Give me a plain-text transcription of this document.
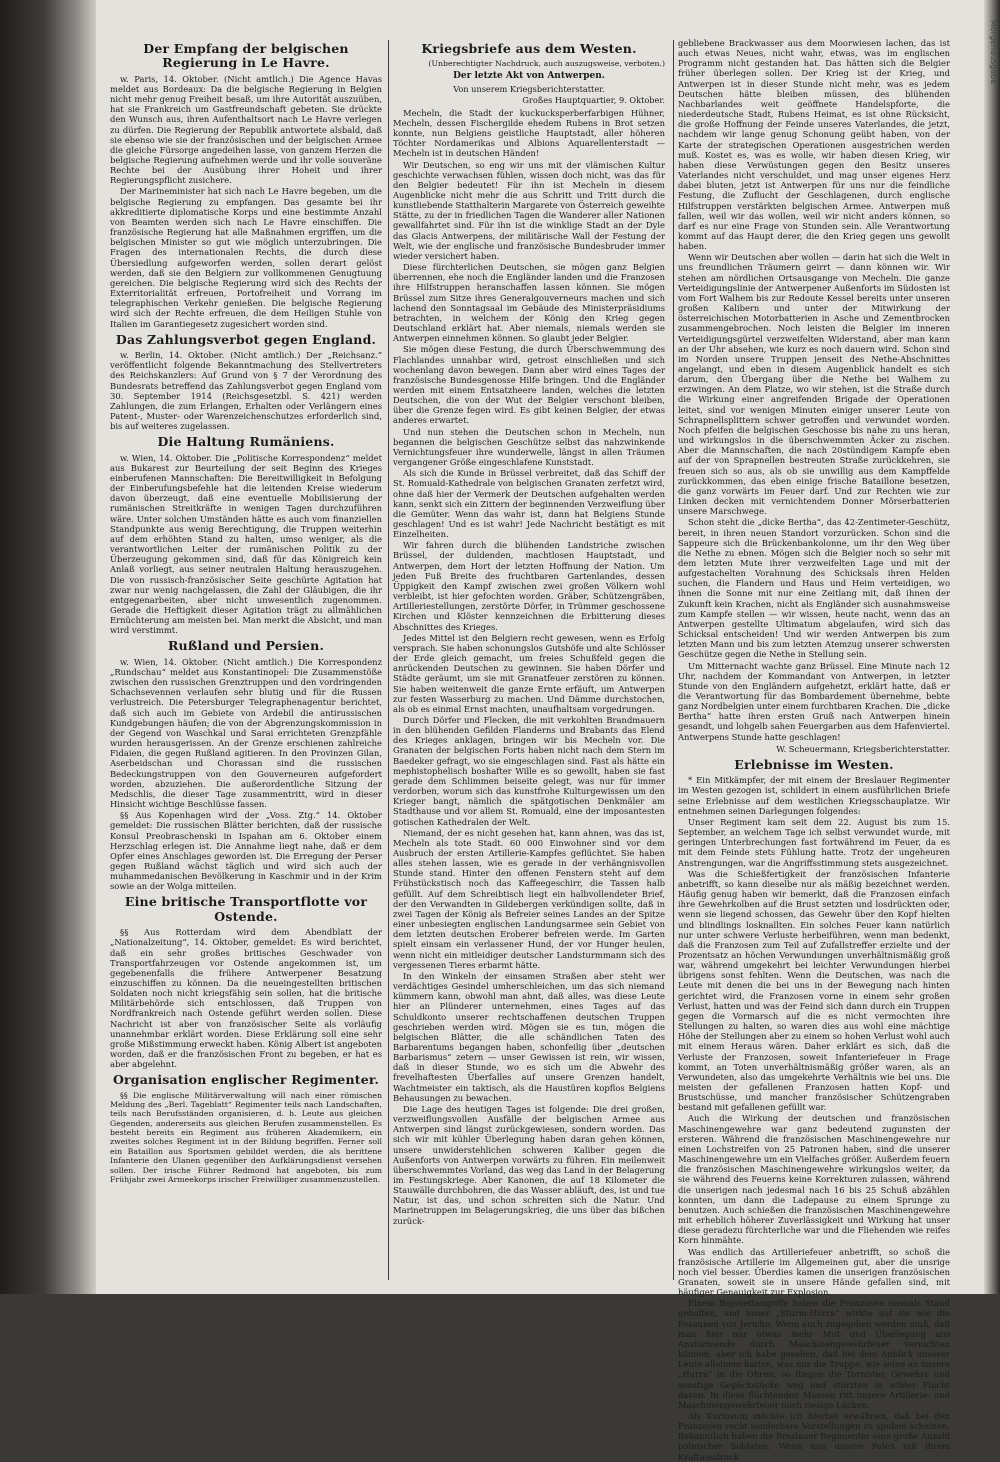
Morgenausgabe
Der Empfang der belgischen Regierung in Le Havre.

w. Paris, 14. Oktober. (Nicht amtlich.) Die Agence Havas meldet aus Bordeaux: Da die belgische Regierung in Belgien nicht mehr genug Freiheit besaß, um ihre Autorität auszuüben, hat sie Frankreich um Gastfreundschaft gebeten. Sie drückte den Wunsch aus, ihren Aufenthaltsort nach Le Havre verlegen zu dürfen. Die Regierung der Republik antwortete alsbald, daß sie ebenso wie sie der französischen und der belgischen Armee die gleiche Fürsorge angedeihen lasse, von ganzem Herzen die belgische Regierung aufnehmen werde und ihr volle souveräne Rechte bei der Ausübung ihrer Hoheit und ihrer Regierungspflicht zusichere.

Der Marineminister hat sich nach Le Havre begeben, um die belgische Regierung zu empfangen. Das gesamte bei ihr akkreditierte diplomatische Korps und eine bestimmte Anzahl von Beamten werden sich nach Le Havre einschiffen. Die französische Regierung hat alle Maßnahmen ergriffen, um die belgischen Minister so gut wie möglich unterzubringen. Die Fragen des internationalen Rechts, die durch diese Übersiedlung aufgeworfen werden, sollen derart gelöst werden, daß sie den Belgiern zur vollkommenen Genugtuung gereichen. Die belgische Regierung wird sich des Rechts der Exterritorialität erfreuen, Portofreiheit und Vorrang im telegraphischen Verkehr genießen. Die belgische Regierung wird sich der Rechte erfreuen, die dem Heiligen Stuhle von Italien im Garantiegesetz zugesichert worden sind.

Das Zahlungsverbot gegen England.

w. Berlin, 14. Oktober. (Nicht amtlich.) Der „Reichsanz.“ veröffentlicht folgende Bekanntmachung des Stellvertreters des Reichskanzlers: Auf Grund von § 7 der Verordnung des Bundesrats betreffend das Zahlungsverbot gegen England vom 30. September 1914 (Reichsgesetzbl. S. 421) werden Zahlungen, die zum Erlangen, Erhalten oder Verlängern eines Patent-, Muster- oder Warenzeichenschutzes erforderlich sind, bis auf weiteres zugelassen.

Die Haltung Rumäniens.

w. Wien, 14. Oktober. Die „Politische Korrespondenz“ meldet aus Bukarest zur Beurteilung der seit Beginn des Krieges einberufenen Mannschaften: Die Bereitwilligkeit in Befolgung der Einberufungsbefehle hat die leitenden Kreise wiederum davon überzeugt, daß eine eventuelle Mobilisierung der rumänischen Streitkräfte in wenigen Tagen durchzuführen wäre. Unter solchen Umständen hätte es auch vom finanziellen Standpunkte aus wenig Berechtigung, die Truppen weiterhin auf dem erhöhten Stand zu halten, umso weniger, als die verantwortlichen Leiter der rumänischen Politik zu der Überzeugung gekommen sind, daß für das Königreich kein Anlaß vorliegt, aus seiner neutralen Haltung herauszugehen. Die von russisch-französischer Seite geschürte Agitation hat zwar nur wenig nachgelassen, die Zahl der Gläubigen, die ihr entgegenarbeiten, aber nicht unwesentlich zugenommen. Gerade die Heftigkeit dieser Agitation trägt zu allmählichen Ernüchterung am meisten bei. Man merkt die Absicht, und man wird verstimmt.

Rußland und Persien.

w. Wien, 14. Oktober. (Nicht amtlich.) Die Korrespondenz „Rundschau“ meldet aus Konstantinopel: Die Zusammenstöße zwischen den russischen Grenztruppen und den vordringenden Schachsevennen verlaufen sehr blutig und für die Russen verlustreich. Die Petersburger Telegraphenagentur berichtet, daß sich auch im Gebiete von Ardebil die antirussischen Kundgebungen häufen; die von der Abgrenzungskommission in der Gegend von Waschkal und Sarai errichteten Grenzpfähle wurden herausgerissen. An der Grenze erschienen zahlreiche Fidaien, die gegen Rußland agitieren. In den Provinzen Gilan, Aserbeidschan und Chorassan sind die russischen Bedeckungstruppen von den Gouverneuren aufgefordert worden, abzuziehen. Die außerordentliche Sitzung der Medschlis, die dieser Tage zusammentritt, wird in dieser Hinsicht wichtige Beschlüsse fassen.

§§ Aus Kopenhagen wird der „Voss. Ztg.“ 14. Oktober gemeldet: Die russischen Blätter berichten, daß der russische Konsul Preobraschenski in Ispahan am 6. Oktober einem Herzschlag erlegen ist. Die Annahme liegt nahe, daß er dem Opfer eines Anschlages geworden ist. Die Erregung der Perser gegen Rußland wächst täglich und wird sich auch der muhammedanischen Bevölkerung in Kaschmir und in der Krim sowie an der Wolga mitteilen.

Eine britische Transportflotte vor Ostende.

§§ Aus Rotterdam wird dem Abendblatt der „Nationalzeitung“, 14. Oktober, gemeldet: Es wird berichtet, daß ein sehr großes britisches Geschwader von Transportfahrzeugen vor Ostende angekommen ist, um gegebenenfalls die frühere Antwerpener Besatzung einzuschiffen zu können. Da die neueingestellten britischen Soldaten noch nicht kriegsfähig sein sollen, hat die britische Militärbehörde sich entschlossen, daß Truppen von Nordfrankreich nach Ostende geführt werden sollen. Diese Nachricht ist aber von französischer Seite als vorläufig unannehmbar erklärt worden. Diese Erklärung soll eine sehr große Mißstimmung erweckt haben. König Albert ist angeboten worden, daß er die französischen Front zu begeben, er hat es aber abgelehnt.

Organisation englischer Regimenter.

§§ Die englische Militärverwaltung will nach einer römischen Meldung des „Berl. Tageblatt“ Regimenter teils nach Landschaften, teils nach Berufsständen organisieren, d. h. Leute aus gleichen Gegenden, andererseits aus gleichen Berufen zusammenstellen. Es besteht bereits ein Regiment aus früheren Akademikern, ein zweites solches Regiment ist in der Bildung begriffen. Ferner soll ein Bataillon aus Sportsmen gebildet werden, die als berittene Infanterie den Ulanen gegenüber den Aufklärungsdienst versehen sollen. Der irische Führer Redmond hat angeboten, bis zum Frühjahr zwei Armeekorps irischer Freiwilliger zusammenzustellen.

Kriegsbriefe aus dem Westen.
(Unberechtigter Nachdruck, auch auszugsweise, verboten.)
Der letzte Akt von Antwerpen.
Von unserem Kriegsberichterstatter.
Großes Hauptquartier, 9. Oktober.

Mecheln, die Stadt der kuckucksperberfarbigen Hühner, Mecheln, dessen Fischergilde ehedem Rubens in Brot setzen konnte, nun Belgiens geistliche Hauptstadt, aller höheren Töchter Nordamerikas und Albions Aquarellenterstadt — Mecheln ist in deutschen Händen!

Wir Deutschen, so eng wir uns mit der vlämischen Kultur geschichte verwachsen fühlen, wissen doch nicht, was das für den Belgier bedeutet! Für ihn ist Mecheln in diesem Augenblicke nicht mehr die aus Schritt und Tritt durch die kunstliebende Statthalterin Margarete von Österreich geweihte Stätte, zu der in friedlichen Tagen die Wanderer aller Nationen gewallfahrtet sind. Für ihn ist die winklige Stadt an der Dyle das Glacis Antwerpens, der militärische Wall der Festung der Welt, wie der englische und französische Bundesbruder immer wieder versichert haben.

Diese fürchterlichen Deutschen, sie mögen ganz Belgien überrennen, ehe noch die Engländer landen und die Franzosen ihre Hilfstruppen heranschaffen lassen können. Sie mögen Brüssel zum Sitze ihres Generalgouverneurs machen und sich lachend den Sonntagsaal im Gebäude des Ministerpräsidiums betrachten, in welchem der König den Krieg gegen Deutschland erklärt hat. Aber niemals, niemals werden sie Antwerpen einnehmen können. So glaubt jeder Belgier.

Sie mögen diese Festung, die durch Überschwemmung des Flachlandes unnahbar wird, getrost einschließen und sich wochenlang davon bewegen. Dann aber wird eines Tages der französische Bundesgenosse Hilfe bringen. Und die Engländer werden mit einem Entsatzheere landen, welches die letzten Deutschen, die von der Wut der Belgier verschont bleiben, über die Grenze fegen wird. Es gibt keinen Belgier, der etwas anderes erwartet.

Und nun stehen die Deutschen schon in Mecheln, nun begannen die belgischen Geschütze selbst das nahzwinkende Vernichtungsfeuer ihre wunderwelle, längst in allen Träumen vergangener Größe eingeschlafene Kunststadt.

Als sich die Kunde in Brüssel verbreitet, daß das Schiff der St. Romuald-Kathedrale von belgischen Granaten zerfetzt wird, ohne daß hier der Vermerk der Deutschen aufgehalten werden kann, senkt sich ein Zittern der beginnenden Verzweiflung über die Gemüter. Wenn das wahr ist, dann hat Belgiens Stunde geschlagen! Und es ist wahr! Jede Nachricht bestätigt es mit Einzelheiten.

Wir fahren durch die blühenden Landstriche zwischen Brüssel, der duldenden, machtlosen Hauptstadt, und Antwerpen, dem Hort der letzten Hoffnung der Nation. Um jeden Fuß Breite des fruchtbaren Gartenlandes, dessen Üppigkeit den Kampf zwischen zwei großen Völkern wohl verbleibt, ist hier gefochten worden. Gräber, Schützengräben, Artilleriestellungen, zerstörte Dörfer, in Trümmer geschossene Kirchen und Klöster kennzeichnen die Erbitterung dieses Abschnittes des Krieges.

Jedes Mittel ist den Belgiern recht gewesen, wenn es Erfolg versprach. Sie haben schonungslos Gutshöfe und alte Schlösser der Erde gleich gemacht, um freies Schußfeld gegen die anrückenden Deutschen zu gewinnen. Sie haben Dörfer und Städte geräumt, um sie mit Granatfeuer zerstören zu können. Sie haben weitenweit die ganze Ernte erfäuft, um Antwerpen zur festen Wasserburg zu machen. Und Dämme durchstochen, als ob es einmal Ernst machten, unaufhaltsam vorgedrungen.

Durch Dörfer und Flecken, die mit verkohlten Brandmauern in den blühenden Gefilden Flanderns und Brabants das Elend des Krieges anklagen, bringen wir bis Mecheln vor. Die Granaten der belgischen Forts haben nicht nach dem Stern im Baedeker gefragt, wo sie eingeschlagen sind. Fast als hätte ein mephistophelisch boshafter Wille es so gewollt, haben sie fast gerade dem Schlimmen beiseite gelegt, was nur für immer verdorben, worum sich das kunstfrohe Kulturgewissen um den Krieger bangt, nämlich die spätgotischen Denkmäler am Stadthause und vor allem St. Romuald, eine der imposantesten gotischen Kathedralen der Welt.

Niemand, der es nicht gesehen hat, kann ahnen, was das ist, Mecheln als tote Stadt. 60 000 Einwohner sind vor dem Ausbruch der ersten Artillerie-Kampfes geflüchtet. Sie haben alles stehen lassen, wie es gerade in der verhängnisvollen Stunde stand. Hinter den offenen Fenstern steht auf dem Frühstückstisch noch das Kaffeegeschirr, die Tassen halb gefüllt. Auf dem Schreibtisch liegt ein halbvollendeter Brief, der den Verwandten in Gildebergen verkündigen sollte, daß in zwei Tagen der König als Befreier seines Landes an der Spitze einer unbesiegten englischen Landungsarmee sein Gebiet von dem letzten deutschen Eroberer befreien werde. Im Garten spielt einsam ein verlassener Hund, der vor Hunger heulen, wenn nicht ein mitleidiger deutscher Landsturmmann sich des vergessenen Tieres erbarmt hätte.

In den Winkeln der einsamen Straßen aber steht wer verdächtiges Gesindel umherschleichen, um das sich niemand kümmern kann, obwohl man ahnt, daß alles, was diese Leute hier an Plünderer unternehmen, eines Tages auf das Schuldkonto unserer rechtschaffenen deutschen Truppen geschrieben werden wird. Mögen sie es tun, mögen die belgischen Blätter, die alle schändlichen Taten des Barbarentums begangen haben, schonfeilig über „deutschen Barbarismus“ zetern — unser Gewissen ist rein, wir wissen, daß in dieser Stunde, wo es sich um die Abwehr des frevelhaftesten Überfalles auf unsere Grenzen handelt, Wachtmeister ein taktisch, als die Haustüren kopflos Belgiens Behausungen zu bewachen.

Die Lage des heutigen Tages ist folgende: Die drei großen, verzweiflungsvollen Ausfälle der belgischen Armee aus Antwerpen sind längst zurückgewiesen, sondern worden. Das sich wir mit kühler Überlegung haben daran gehen können, unsere unwiderstehlichen schweren Kaliber gegen die Außenforts von Antwerpen vorwärts zu führen. Ein meilenweit überschwemmtes Vorland, das weg das Land in der Belagerung im Festungskriege. Aber Kanonen, die auf 18 Kilometer die Stauwälle durchbohren, die das Wasser abläuft, des, ist und tue Natur, ist das, und schon schreiten sich die Natur. Und Marinetruppen im Belagerungskrieg, die uns über das bißchen zurück-

gebliebene Brackwasser aus dem Moorwiesen lachen, das ist auch etwas Neues, nicht wahr, etwas, was im englischen Programm nicht gestanden hat. Das hätten sich die Belgier früher überlegen sollen. Der Krieg ist der Krieg, und Antwerpen ist in dieser Stunde nicht mehr, was es jedem Deutschen hätte bleiben müssen, des blühenden Nachbarlandes weit geöffnete Handelspforte, die niederdeutsche Stadt, Rubens Heimat, es ist ohne Rücksicht, die große Hoffnung der Feinde unseres Vaterlandes, die jetzt, nachdem wir lange genug Schonung geübt haben, von der Karte der strategischen Operationen ausgestrichen werden muß. Kostet es, was es wolle, wir haben diesen Krieg, wir haben diese Verwüstungen gegen den Besitz unseres Vaterlandes nicht verschuldet, und mag unser eigenes Herz dabei bluten, jetzt ist Antwerpen für uns nur die feindliche Festung, die Zuflucht der Geschlagenen, durch englische Hilfstruppen verstärkten belgischen Armee. Antwerpen muß fallen, weil wir das wollen, weil wir nicht anders können, so darf es nur eine Frage von Stunden sein. Alle Verantwortung kommt auf das Haupt derer, die den Krieg gegen uns gewollt haben.

Wenn wir Deutschen aber wollen — darin hat sich die Welt in uns freundlichen Träumern geirrt — dann können wir. Wir stehen am nördlichen Ortsausgange von Mecheln. Die ganze Verteidigungslinie der Antwerpener Außenforts im Südosten ist vom Fort Walhem bis zur Redoute Kessel bereits unter unseren großen Kalibern und unter der Mitwirkung der österreichischen Motorbatterien in Asche und Zementbrocken zusammengebrochen. Noch leisten die Belgier im inneren Verteidigungsgürtel verzweifelten Widerstand, aber man kann an der Uhr absehen, wie kurz es noch dauern wird. Schon sind im Norden unsere Truppen jenseit des Nethe-Abschnittes angelangt, und eben in diesem Augenblick handelt es sich darum, den Übergang über die Nethe bei Walhem zu erzwingen. An dem Platze, wo wir stehen, ist die Straße durch die Wirkung einer angreifenden Brigade der Operationen leitet, sind vor wenigen Minuten einiger unserer Leute von Schrapnellsplittern schwer getroffen und verwundet worden. Noch pfeifen die belgischen Geschosse bis nahe zu uns heran, und wirkungslos in die überschwemmten Äcker zu zischen. Aber die Mannschaften, die nach 20stündigem Kampfe eben auf der von Sprapnellen bestreuten Straße zurückkehren, sie freuen sich so aus, als ob sie unwillig aus dem Kampffelde zurückkommen, das eben einige frische Bataillone besetzen, die ganz vorwärts im Feuer darf. Und zur Rechten wie zur Linken decken mit vernichtendem Donner Mörserbatterien unsere Marschwege.

Schon steht die „dicke Bertha“, das 42-Zentimeter-Geschütz, bereit, in ihren neuen Standort vorzurücken. Schon sind die Sappeure sich die Brückenbankolonne, um ihr den Weg über die Nethe zu ebnen. Mögen sich die Belgier noch so sehr mit dem letzten Mute ihrer verzweifelten Lage und mit der aufgestachelten Vorahnung des Schicksals ihren Helden suchen, die Flandern und Haus und Heim verteidigen, wo ihnen die Sonne mit nur eine Zeitlang mit, daß ihnen der Zukunft kein Krachen, nicht als Engländer sich ausnahmsweise zum Kampfe stellen — wir wissen, heute nacht, wenn das an Antwerpen gestellte Ultimatum abgelaufen, wird sich das Schicksal entscheiden! Und wir werden Antwerpen bis zum letzten Mann und bis zum letzten Atemzug unserer schwersten Geschütze gegen die Nethe in Stellung sein.

Um Mitternacht wachte ganz Brüssel. Eine Minute nach 12 Uhr, nachdem der Kommandant von Antwerpen, in letzter Stunde von den Engländern aufgehetzt, erklärt hatte, daß er die Verantwortung für das Bombardement übernehme, bebte ganz Nordbelgien unter einem furchtbaren Krachen. Die „dicke Bertha“ hatte ihren ersten Gruß nach Antwerpen hinein gesandt, und lohgelb sahen Feuergarben aus dem Hafenviertel. Antwerpens Stunde hatte geschlagen!

W. Scheuermann, Kriegsberichterstatter.
Erlebnisse im Westen.

* Ein Mitkämpfer, der mit einem der Breslauer Regimenter im Westen gezogen ist, schildert in einem ausführlichen Briefe seine Erlebnisse auf dem westlichen Kriegsschauplatze. Wir entnehmen seinen Darlegungen folgendes:

Unser Regiment kam seit dem 22. August bis zum 15. September, an welchem Tage ich selbst verwundet wurde, mit geringen Unterbrechungen fast fortwährend im Feuer, da es mit dem Feinde stets Fühlung hatte. Trotz der ungeheuren Anstrengungen, war die Angriffsstimmung stets ausgezeichnet.

Was die Schießfertigkeit der französischen Infanterie anbetrifft, so kann dieselbe nur als mäßig bezeichnet werden. Häufig genug haben wir bemerkt, daß die Franzosen einfach ihre Gewehrkolben auf die Brust setzten und losdrückten oder, wenn sie liegend schossen, das Gewehr über den Kopf hielten und blindlings losknallten. Ein solches Feuer kann natürlich nur unter schwere Verluste herbeiführen, wenn man bedenkt, daß die Franzosen zum Teil auf Zufallstreffer erzielte und der Prozentsatz an höchen Verwundungen unverhältnismäßig groß war, während umgekehrt bei leichter Verwundungen hierbei übrigens sonst fehlten. Wenn die Deutschen, was nach die Leute mit denen die bei uns in der Bewegung nach hinten gerichtet wird, die Franzosen vorne in einem sehr großen Verlust, hatten und was der Feind sich dann durch ein Truppen gegen die Vormarsch auf die es nicht vermochten ihre Stellungen zu halten, so waren dies aus wohl eine mächtige Höhe der Stellungen aber zu einem so hohen Verlust wohl auch mit einem Heraus wären. Daher erklärt es sich, daß die Verluste der Franzosen, soweit Infanteriefeuer in Frage kommt, an Toten unverhältnismäßig größer waren, als an Verwundeten, also das umgekehrte Verhältnis wie bei uns. Die meisten der gefallenen Franzosen hatten Kopf- und Brustschüsse, und mancher französischer Schützengraben bestand mit gefallenen gefüllt war.

Auch die Wirkung der deutschen und französischen Maschinengewehre war ganz bedeutend zugunsten der ersteren. Während die französischen Maschinengewehre nur einen Lochstreifen von 25 Patronen haben, sind die unserer Maschinengewehre um ein Vielfaches größer. Außerdem feuern die französischen Maschinengewehre wirkungslos weiter, da sie während des Feuerns keine Korrekturen zulassen, während die unserigen nach jedesmal nach 16 bis 25 Schuß abzählen konnten, um dann die Ladepause zu einem Sprunge zu benutzen. Auch schießen die französischen Maschinengewehre mit erheblich höherer Zuverlässigkeit und Wirkung hat unser diese geradezu fürchterliche war und die Fliehenden wie reifes Korn hinmähte.

Was endlich das Artilleriefeuer anbetrifft, so schoß die französische Artillerie im Allgemeinen gut, aber die unsrige noch viel besser. Überdies kamen die unserigen französischen Granaten, soweit sie in unsere Hände gefallen sind, mit häufiger Genauigkeit zur Explosion.

Einem Bajonettangriffe haben die Franzosen niemals Stand gehalten, und unser „Sturm-Hurra“ wirkte auf sie wie die Posaunen von Jericho. Wenn auch zugegeben werden muß, daß man hier nur etwas mehr Mut und Überlegung ans Anstürmende durch Maschinengewehrfeuer vernichten können, aber ich habe gesehen, daß bei dem Anblick unserer Leute alleinem hatten, was nur die Truppe, wie seine an unsere „Hurra“ in die Ohren, so fliegen die Tornister, Gewehre und sonstige Gepäckstücke weg und stürzten in wilder Flucht davon. In diese flüchtenden Massen ritt unsere Artillerie- und Maschinengewehrfeuer noch riesige Lücken.

Als Kuriosum möchte ich hierbei erwähnen, daß bei den Franzosen recht sonderbare Vorstellungen zu spuken scheinen. Bekanntlich haben die Breslauer Regimenter eine große Anzahl polnischer Soldaten. Wenn nun unsere Polen mit ihrem Kraftausdruck
